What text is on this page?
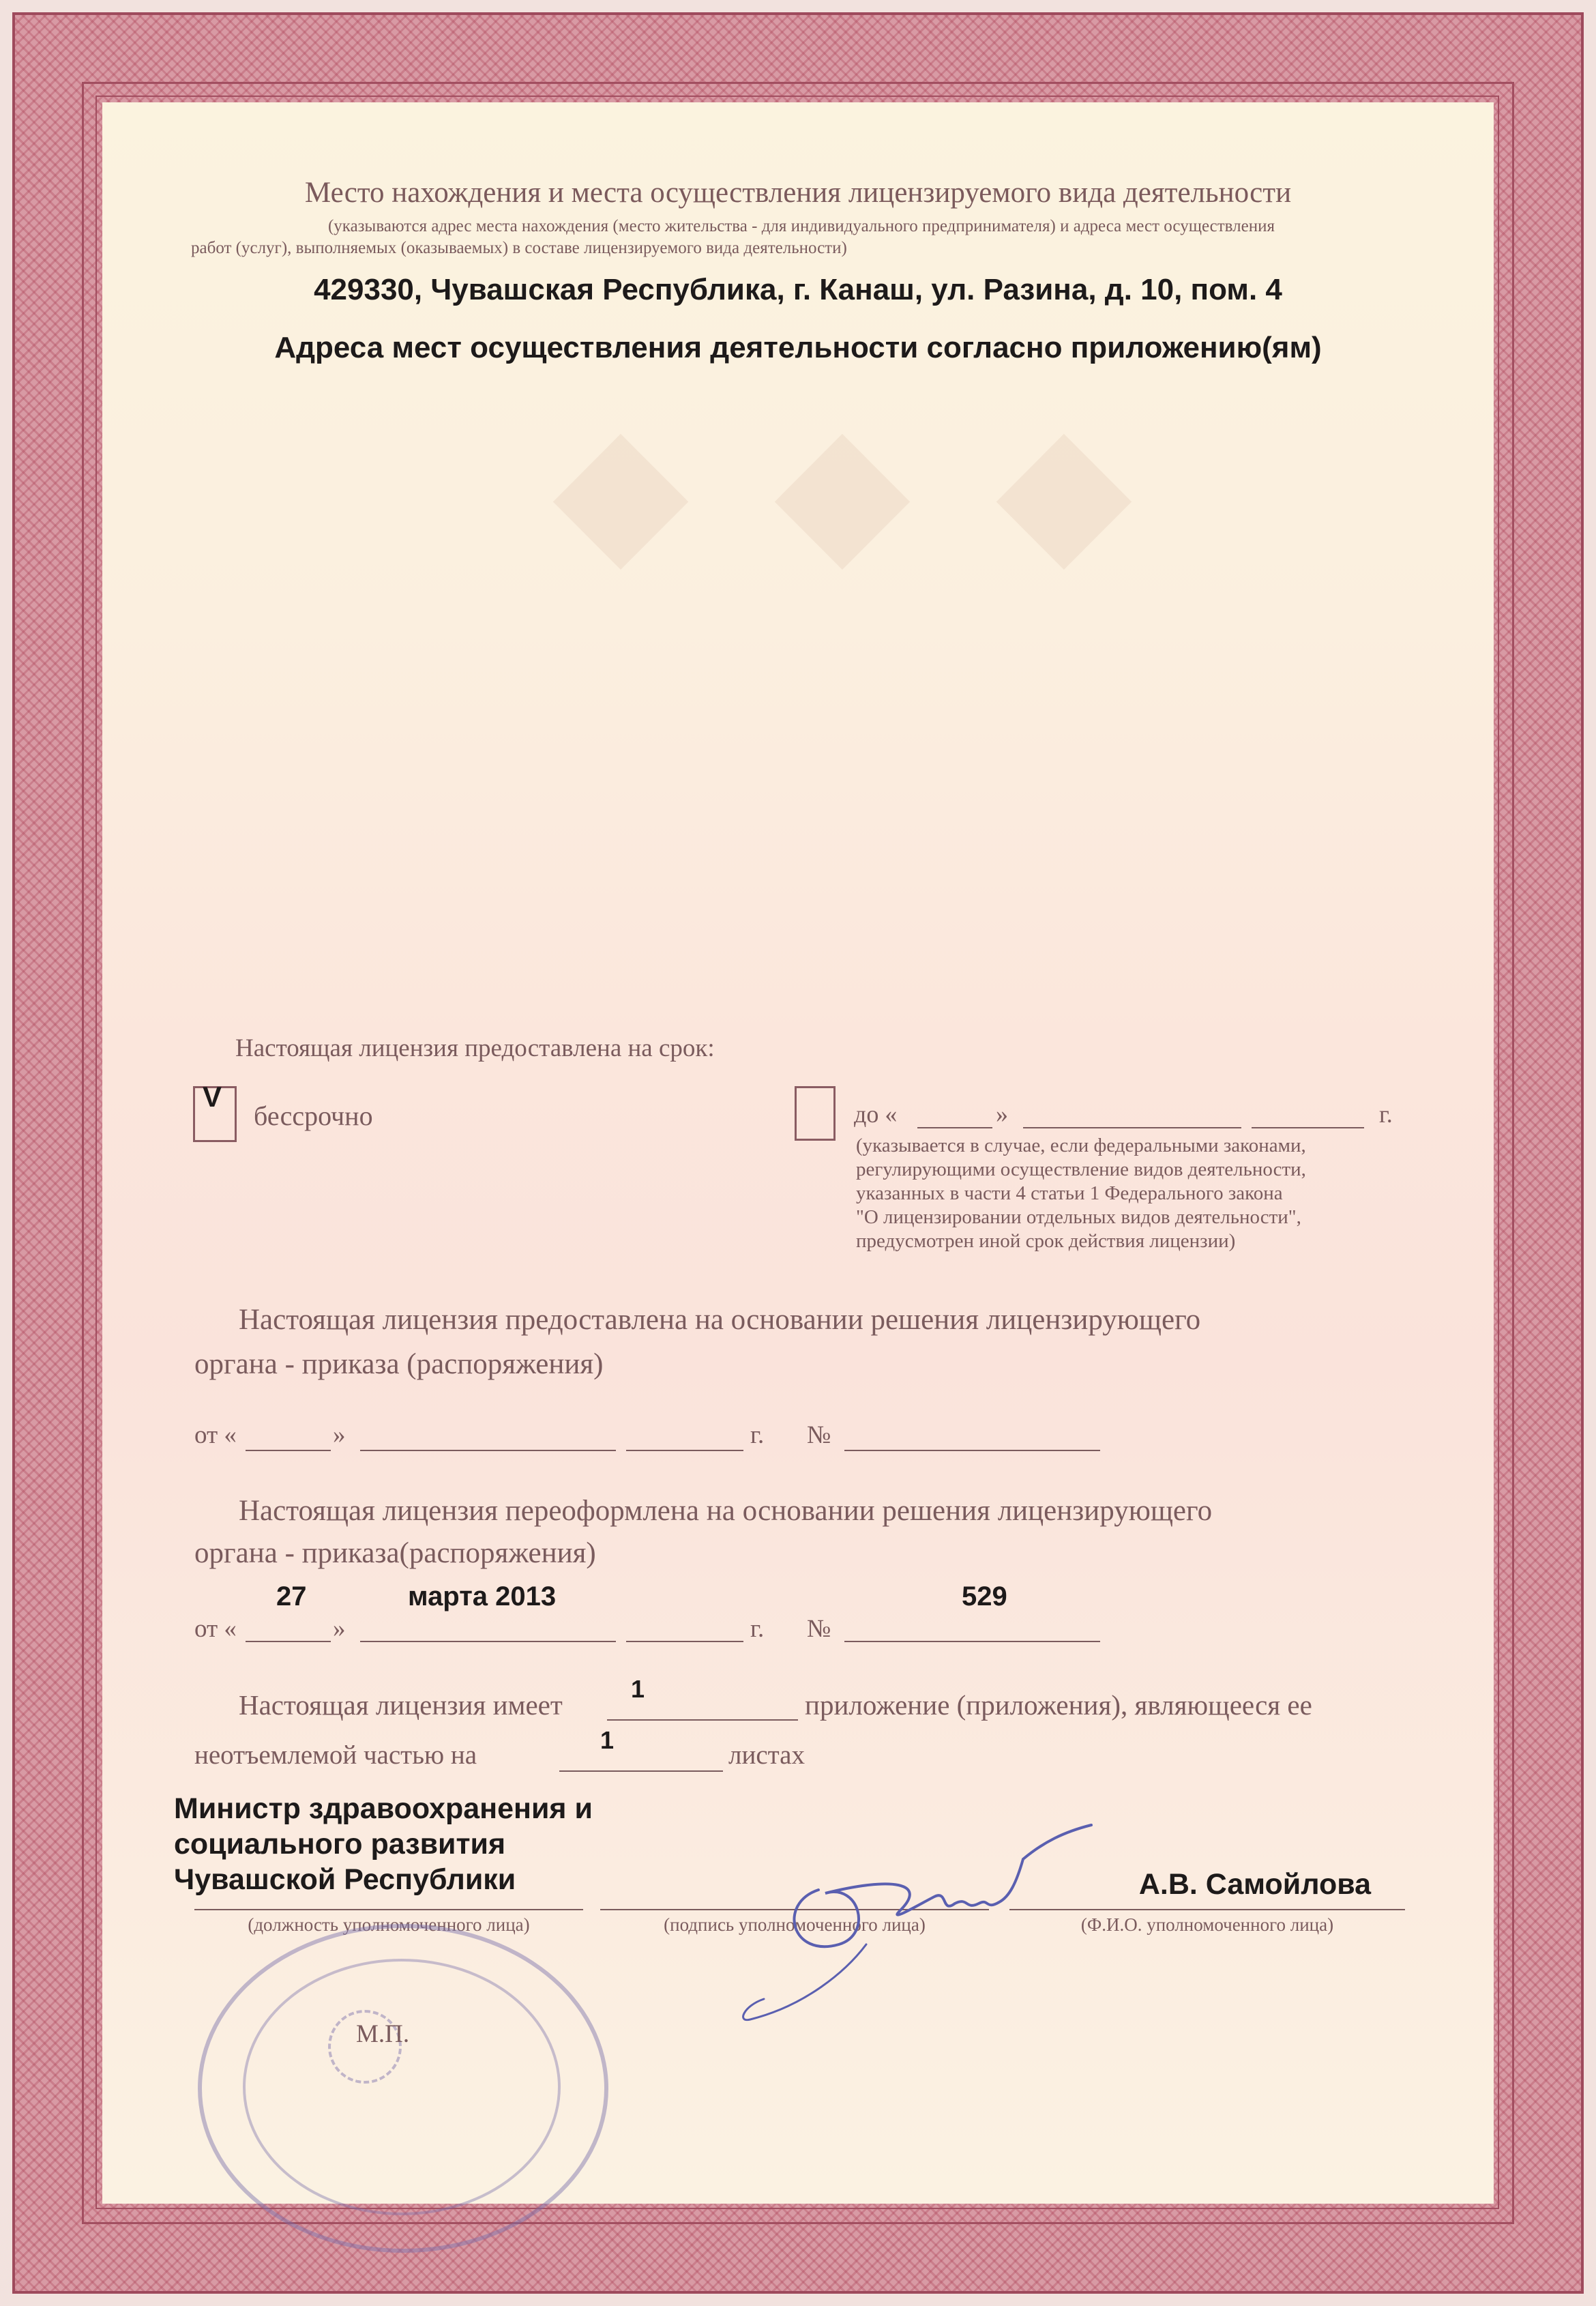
◆ ◆ ◆
Место нахождения и места осуществления лицензируемого вида деятельности
(указываются адрес места нахождения (место жительства - для индивидуального предпринимателя) и адреса мест осуществления
работ (услуг), выполняемых (оказываемых) в составе лицензируемого вида деятельности)
429330, Чувашская Республика, г. Канаш, ул. Разина, д. 10, пом. 4
Адреса мест осуществления деятельности согласно приложению(ям)
Настоящая лицензия предоставлена на срок:
V
бессрочно	до «	»	г.
(указывается в случае, если федеральными законами,
регулирующими осуществление видов деятельности,
указанных в части 4 статьи 1 Федерального закона
"О лицензировании отдельных видов деятельности",
предусмотрен иной срок действия лицензии)
Настоящая лицензия предоставлена на основании решения лицензирующего
органа - приказа (распоряжения)
от «	»	г. №
Настоящая лицензия переоформлена на основании решения лицензирующего
органа - приказа(распоряжения)
27	марта 2013	529
от «	»	г. №
Настоящая лицензия имеет
1
приложение (приложения), являющееся ее
неотъемлемой частью на
1
листах
Министр здравоохранения и
социального развития
Чувашской Республики	А.В. Самойлова
(должность уполномоченного лица)	(подпись уполномоченного лица)	(Ф.И.О. уполномоченного лица)
М.П.
